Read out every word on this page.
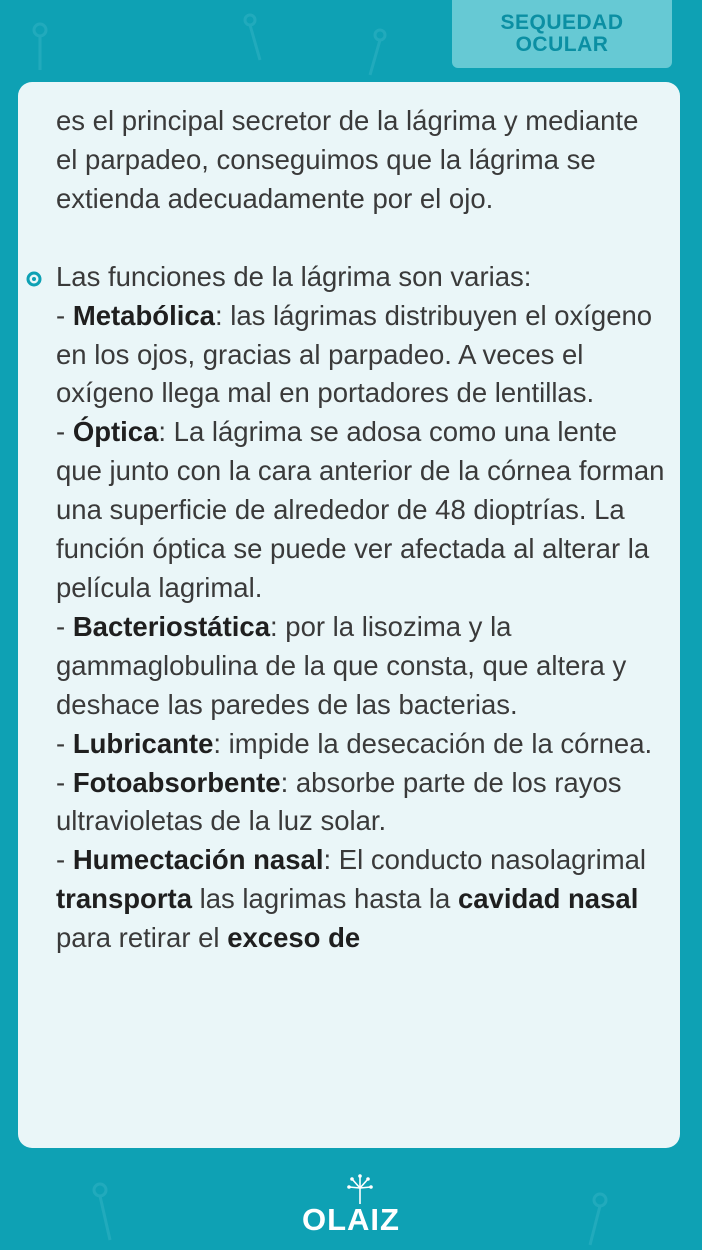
SEQUEDAD
OCULAR

es el principal secretor de la lágrima y mediante el parpadeo, conseguimos que la lágrima se extienda adecuadamente por el ojo.

Las funciones de la lágrima son varias:

- Metabólica: las lágrimas distribuyen el oxígeno en los ojos, gracias al parpadeo. A veces el oxígeno llega mal en portadores de lentillas.

- Óptica: La lágrima se adosa como una lente que junto con la cara anterior de la córnea forman una superficie de alrededor de 48 dioptrías. La función óptica se puede ver afectada al alterar la película lagrimal.

- Bacteriostática: por la lisozima y la gammaglobulina de la que consta, que altera y deshace las paredes de las bacterias.

- Lubricante: impide la desecación de la córnea.

- Fotoabsorbente: absorbe parte de los rayos ultravioletas de la luz solar.

- Humectación nasal: El conducto nasolagrimal transporta las lagrimas hasta la cavidad nasal para retirar el exceso de

OLAIZ
